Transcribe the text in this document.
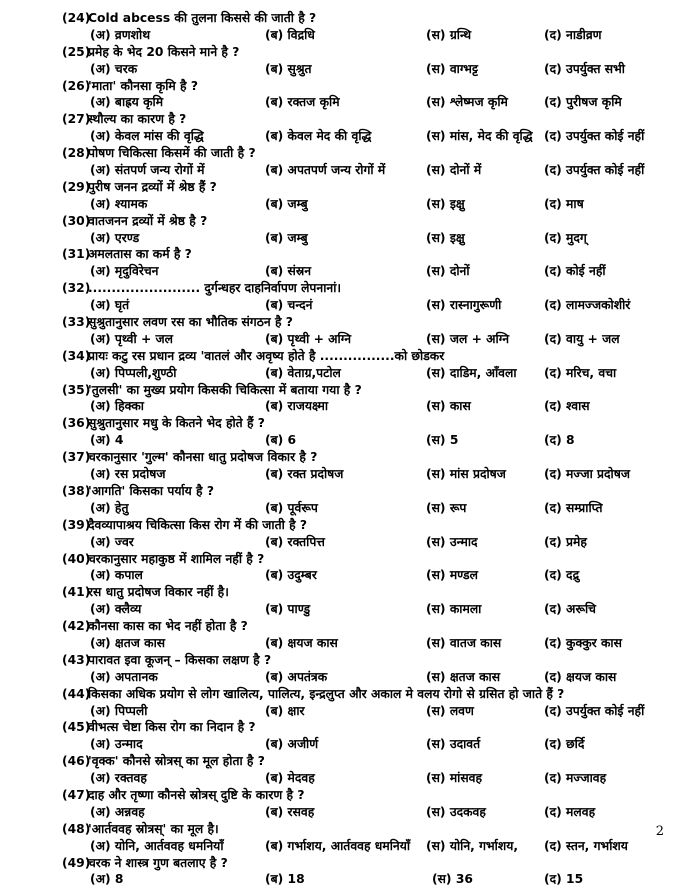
(24)Cold abcess की तुलना किससे की जाती है ?
(अ) व्रणशोथ	(ब) विद्रधि	(स) ग्रन्थि	(द) नाडीव्रण
(25)प्रमेह के भेद 20 किसने माने है ?
(अ) चरक	(ब) सुश्रुत	(स) वाग्भट्ट	(द) उपर्युक्त सभी
(26)'माता' कौनसा कृमि है ?
(अ) बाह्रय कृमि	(ब) रक्तज कृमि	(स) श्लेष्मज कृमि	(द) पुरीषज कृमि
(27)स्थौल्य का कारण है ?
(अ) केवल मांस की वृद्धि	(ब) केवल मेद की वृद्धि	(स) मांस, मेद की वृद्धि (द) उपर्युक्त कोई नहीं
(28)पोषण चिकित्सा किसमें की जाती है ?
(अ) संतपर्ण जन्य रोगों में	(ब) अपतपर्ण जन्य रोगों में	(स) दोनों में	(द) उपर्युक्त कोई नहीं
(29)पुरीष जनन द्रव्यों में श्रेष्ठ हैं ?
(अ) श्यामक	(ब) जम्बु	(स) इक्षु	(द) माष
(30)वातजनन द्रव्यों में श्रेष्ठ है ?
(अ) एरण्ड	(ब) जम्बु	(स) इक्षु	(द) मुदग्
(31)अमलतास का कर्म है ?
(अ) मृदुविरेचन	(ब) संस्रन	(स) दोनों	(द) कोई नहीं
(32)........................ दुर्गन्धहर दाहनिर्वापण लेपनानां।
(अ) घृतं	(ब) चन्दनं	(स) रास्नागुरूणी	(द) लामज्जकोशीरं
(33)सुश्रुतानुसार लवण रस का भौतिक संगठन है ?
(अ) पृथ्वी + जल	(ब) पृथ्वी + अग्नि	(स) जल + अग्नि	(द) वायु + जल
(34)प्रायः कटु रस प्रधान द्रव्य 'वातलं और अवृष्य होते है ................को छोडकर
(अ) पिप्पली,शुण्ठी	(ब) वेताग्र,पटोल	(स) दाडिम, आँवला (द) मरिच, वचा
(35)'तुलसी' का मुख्य प्रयोग किसकी चिकित्सा में बताया गया है ?
(अ) हिक्का	(ब) राजयक्ष्मा	(स) कास	(द) श्वास
(36)सुश्रुतानुसार मधु के कितने भेद होते हैं ?
(अ) 4	(ब) 6	(स) 5	(द) 8
(37)चरकानुसार 'गुल्म' कौनसा धातु प्रदोषज विकार है ?
(अ) रस प्रदोषज	(ब) रक्त प्रदोषज	(स) मांस प्रदोषज	(द) मज्जा प्रदोषज
(38)'आगति' किसका पर्याय है ?
(अ) हेतु	(ब) पूर्वरूप	(स) रूप	(द) सम्प्राप्ति
(39)दैवव्यापाश्रय चिकित्सा किस रोग में की जाती है ?
(अ) ज्वर	(ब) रक्तपित्त	(स) उन्माद	(द) प्रमेह
(40)चरकानुसार महाकुष्ठ में शामिल नहीं है ?
(अ) कपाल	(ब) उदुम्बर	(स) मण्डल	(द) दद्रु
(41)रस धातु प्रदोषज विकार नहीं है।
(अ) क्लैव्य	(ब) पाण्डु	(स) कामला	(द) अरूचि
(42)कौनसा कास का भेद नहीं होता है ?
(अ) क्षतज कास	(ब) क्षयज कास	(स) वातज कास	(द) कुक्कुर कास
(43)पारावत इवा कूजन् – किसका लक्षण है ?
(अ) अपतानक	(ब) अपतंत्रक	(स) क्षतज कास	(द) क्षयज कास
(44)किसका अधिक प्रयोग से लोग खालित्य, पालित्य, इन्द्रलुप्त और अकाल मे वलय रोगो से ग्रसित हो जाते हैं ?
(अ) पिप्पली	(ब) क्षार	(स) लवण	(द) उपर्युक्त कोई नहीं
(45)वीभत्स चेष्टा किस रोग का निदान है ?
(अ) उन्माद	(ब) अजीर्ण	(स) उदावर्त	(द) छर्दि
(46)'वृक्क' कौनसे स्रोत्रस् का मूल होता है ?
(अ) रक्तवह	(ब) मेदवह	(स) मांसवह	(द) मज्जावह
(47)दाह और तृष्णा कौनसे स्रोत्रस् दुष्टि के कारण है ?
(अ) अन्नवह	(ब) रसवह	(स) उदकवह	(द) मलवह
(48)'आर्तववह स्रोत्रस्' का मूल है।
(अ) योनि, आर्तववह धमनियाँ	(ब) गर्भाशय, आर्तववह धमनियाँ (स) योनि, गर्भाशय, (द) स्तन, गर्भाशय
(49)चरक ने शास्त्र गुण बतलाए है ?
(अ) 8	(ब) 18	(स) 36	(द) 15
2
